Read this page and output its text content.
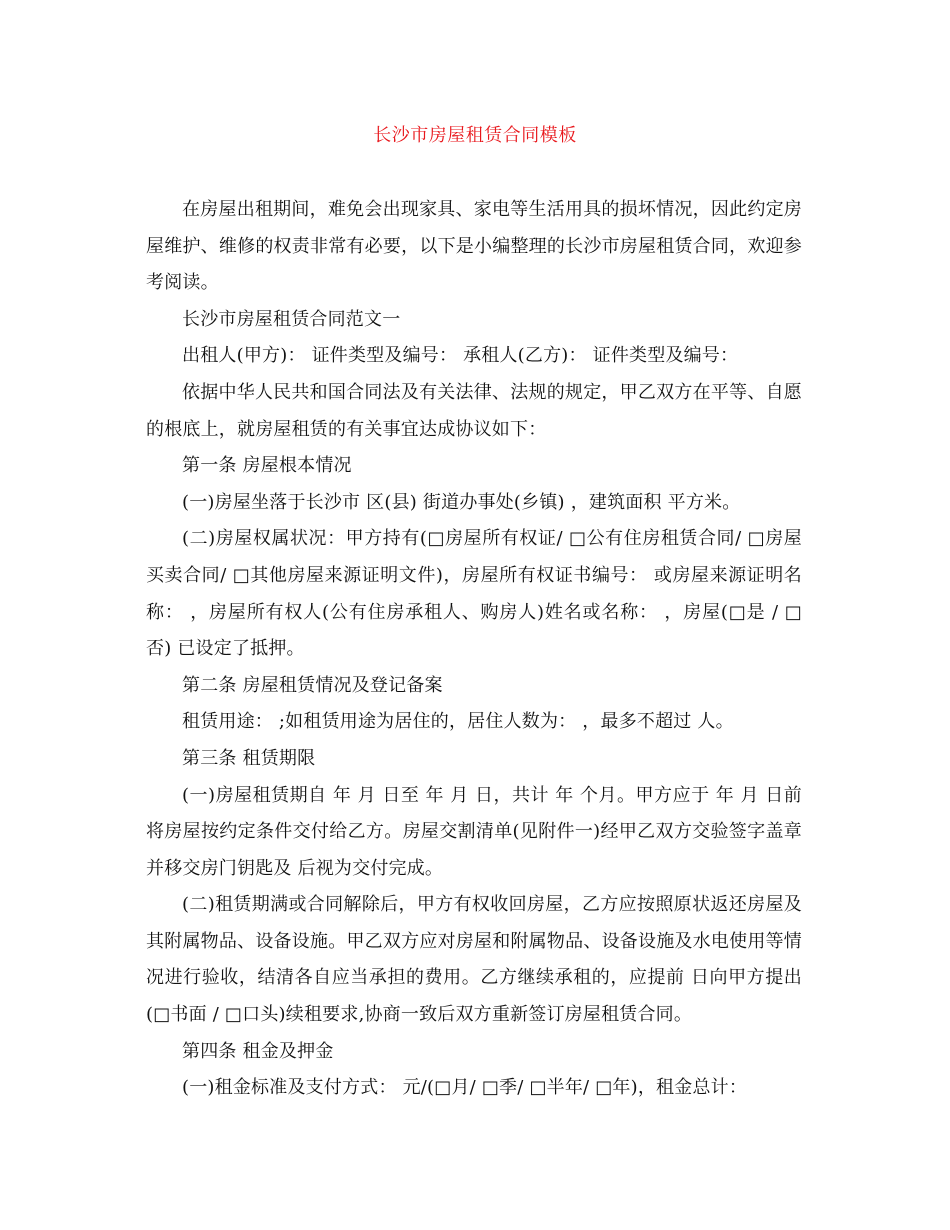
长沙市房屋租赁合同模板

在房屋出租期间，难免会出现家具、家电等生活用具的损坏情况，因此约定房屋维护、维修的权责非常有必要，以下是小编整理的长沙市房屋租赁合同，欢迎参考阅读。

长沙市房屋租赁合同范文一

出租人(甲方)： 证件类型及编号： 承租人(乙方)： 证件类型及编号：

依据中华人民共和国合同法及有关法律、法规的规定，甲乙双方在平等、自愿的根底上，就房屋租赁的有关事宜达成协议如下：

第一条 房屋根本情况

(一)房屋坐落于长沙市 区(县) 街道办事处(乡镇) ，建筑面积 平方米。

(二)房屋权属状况：甲方持有(□房屋所有权证/ □公有住房租赁合同/ □房屋买卖合同/ □其他房屋来源证明文件)，房屋所有权证书编号： 或房屋来源证明名称： ，房屋所有权人(公有住房承租人、购房人)姓名或名称： ，房屋(□是 / □否) 已设定了抵押。

第二条 房屋租赁情况及登记备案

租赁用途： ;如租赁用途为居住的，居住人数为： ，最多不超过 人。

第三条 租赁期限

(一)房屋租赁期自 年 月 日至 年 月 日，共计 年 个月。甲方应于 年 月 日前将房屋按约定条件交付给乙方。房屋交割清单(见附件一)经甲乙双方交验签字盖章并移交房门钥匙及 后视为交付完成。

(二)租赁期满或合同解除后，甲方有权收回房屋，乙方应按照原状返还房屋及其附属物品、设备设施。甲乙双方应对房屋和附属物品、设备设施及水电使用等情况进行验收，结清各自应当承担的费用。乙方继续承租的，应提前 日向甲方提出(□书面 / □口头)续租要求,协商一致后双方重新签订房屋租赁合同。

第四条 租金及押金

(一)租金标准及支付方式： 元/(□月/ □季/ □半年/ □年)，租金总计：
